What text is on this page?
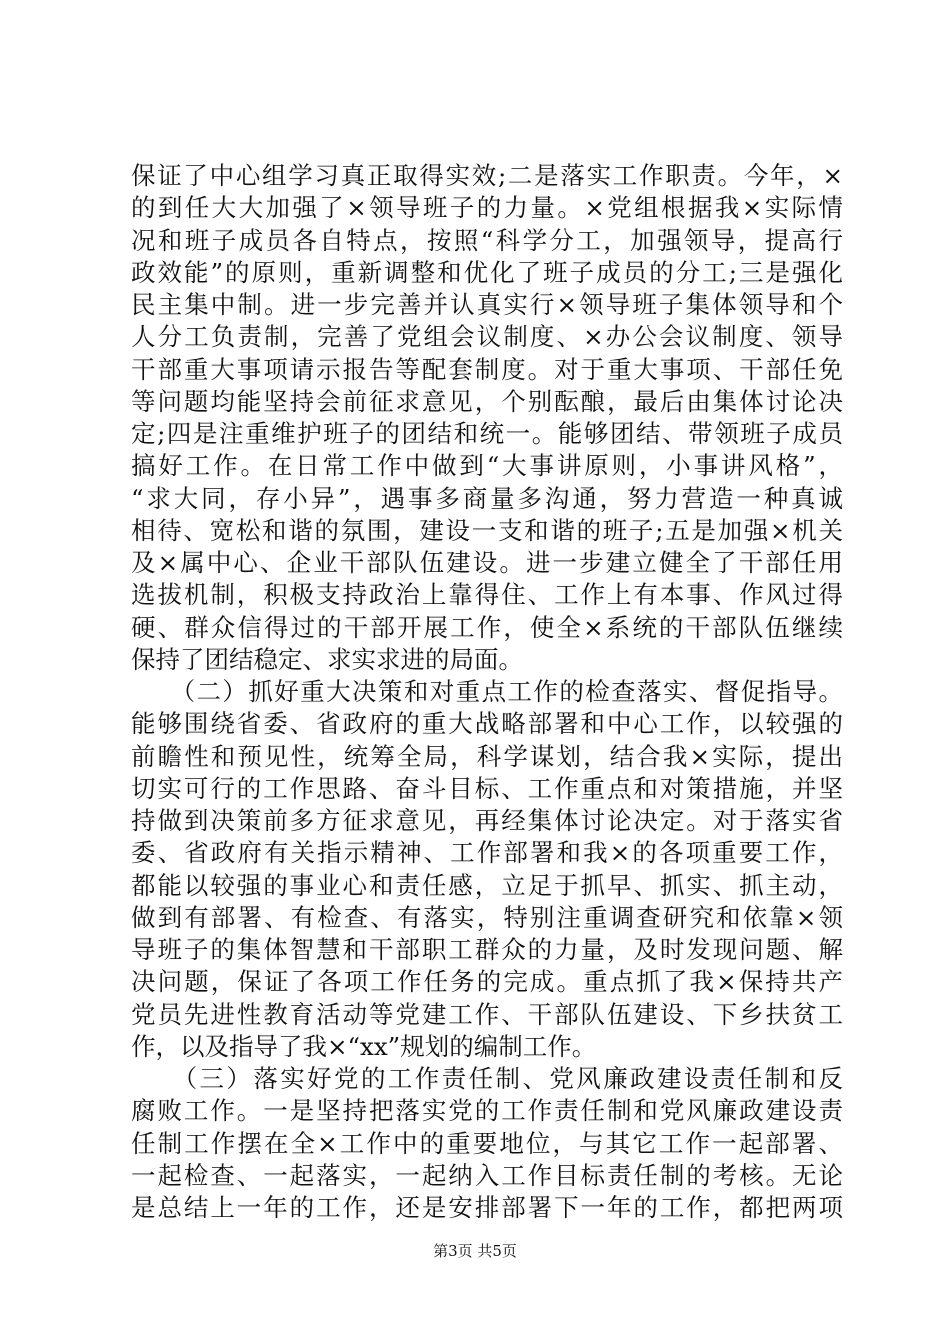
保证了中心组学习真正取得实效;二是落实工作职责。今年，×
的到任大大加强了×领导班子的力量。×党组根据我×实际情
况和班子成员各自特点，按照“科学分工，加强领导，提高行
政效能”的原则，重新调整和优化了班子成员的分工;三是强化
民主集中制。进一步完善并认真实行×领导班子集体领导和个
人分工负责制，完善了党组会议制度、×办公会议制度、领导
干部重大事项请示报告等配套制度。对于重大事项、干部任免
等问题均能坚持会前征求意见，个别酝酿，最后由集体讨论决
定;四是注重维护班子的团结和统一。能够团结、带领班子成员
搞好工作。在日常工作中做到“大事讲原则，小事讲风格”，
“求大同，存小异”，遇事多商量多沟通，努力营造一种真诚
相待、宽松和谐的氛围，建设一支和谐的班子;五是加强×机关
及×属中心、企业干部队伍建设。进一步建立健全了干部任用
选拔机制，积极支持政治上靠得住、工作上有本事、作风过得
硬、群众信得过的干部开展工作，使全×系统的干部队伍继续
保持了团结稳定、求实求进的局面。
　　（二）抓好重大决策和对重点工作的检查落实、督促指导。
能够围绕省委、省政府的重大战略部署和中心工作，以较强的
前瞻性和预见性，统筹全局，科学谋划，结合我×实际，提出
切实可行的工作思路、奋斗目标、工作重点和对策措施，并坚
持做到决策前多方征求意见，再经集体讨论决定。对于落实省
委、省政府有关指示精神、工作部署和我×的各项重要工作，
都能以较强的事业心和责任感，立足于抓早、抓实、抓主动，
做到有部署、有检查、有落实，特别注重调查研究和依靠×领
导班子的集体智慧和干部职工群众的力量，及时发现问题、解
决问题，保证了各项工作任务的完成。重点抓了我×保持共产
党员先进性教育活动等党建工作、干部队伍建设、下乡扶贫工
作，以及指导了我×“xx”规划的编制工作。
　　（三）落实好党的工作责任制、党风廉政建设责任制和反
腐败工作。一是坚持把落实党的工作责任制和党风廉政建设责
任制工作摆在全×工作中的重要地位，与其它工作一起部署、
一起检查、一起落实，一起纳入工作目标责任制的考核。无论
是总结上一年的工作，还是安排部署下一年的工作，都把两项
第3页 共5页
